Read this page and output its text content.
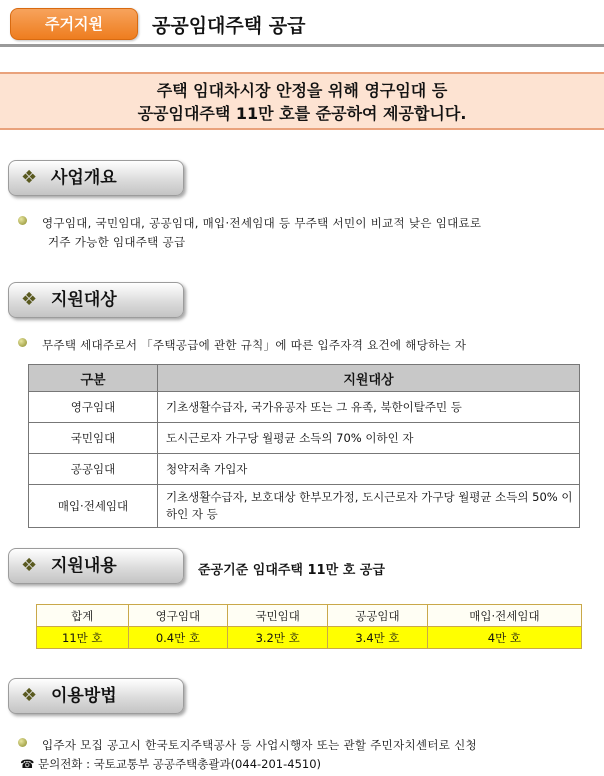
주거지원	공공임대주택 공급
주택 임대차시장 안정을 위해 영구임대 등
공공임대주택 11만 호를 준공하여 제공합니다.
❖ 사업개요
영구임대, 국민임대, 공공임대, 매입·전세임대 등 무주택 서민이 비교적 낮은 임대료로
거주 가능한 임대주택 공급
❖ 지원대상
무주택 세대주로서 「주택공급에 관한 규칙」에 따른 입주자격 요건에 해당하는 자
구분	지원대상
영구임대	기초생활수급자, 국가유공자 또는 그 유족, 북한이탈주민 등
국민임대	도시근로자 가구당 월평균 소득의 70% 이하인 자
공공임대	청약저축 가입자
매입·전세임대	기초생활수급자, 보호대상 한부모가정, 도시근로자 가구당 월평균 소득의 50% 이하인 자 등
❖ 지원내용	준공기준 임대주택 11만 호 공급
합계	영구임대	국민임대	공공임대	매입·전세임대
11만 호	0.4만 호	3.2만 호	3.4만 호	4만 호
❖ 이용방법
입주자 모집 공고시 한국토지주택공사 등 사업시행자 또는 관할 주민자치센터로 신청
☎ 문의전화 : 국토교통부 공공주택총괄과(044-201-4510)
